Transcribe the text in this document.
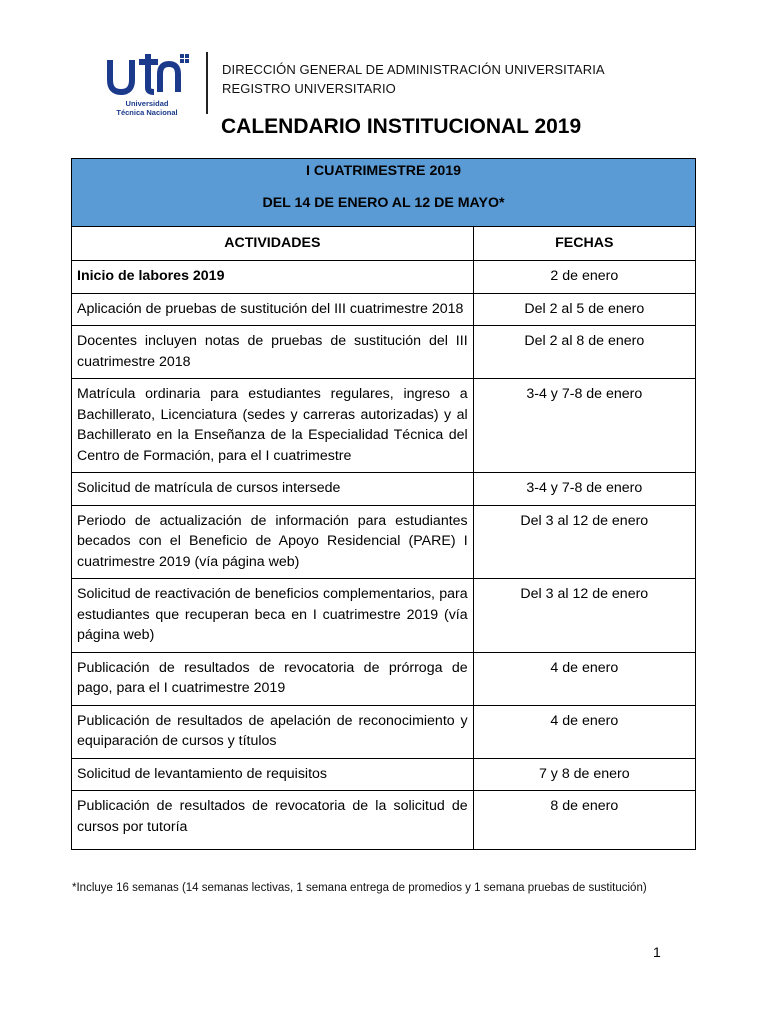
Universidad
Técnica Nacional
DIRECCIÓN GENERAL DE ADMINISTRACIÓN UNIVERSITARIA
REGISTRO UNIVERSITARIO
CALENDARIO INSTITUCIONAL 2019
I CUATRIMESTRE 2019
DEL 14 DE ENERO AL 12 DE MAYO*	

ACTIVIDADES	FECHAS
Inicio de labores 2019	2 de enero
Aplicación de pruebas de sustitución del III cuatrimestre 2018	Del 2 al 5 de enero
Docentes incluyen notas de pruebas de sustitución del III cuatrimestre 2018	Del 2 al 8 de enero
Matrícula ordinaria para estudiantes regulares, ingreso a Bachillerato, Licenciatura (sedes y carreras autorizadas) y al Bachillerato en la Enseñanza de la Especialidad Técnica del Centro de Formación, para el I cuatrimestre	3-4 y 7-8 de enero
Solicitud de matrícula de cursos intersede	3-4 y 7-8 de enero
Periodo de actualización de información para estudiantes becados con el Beneficio de Apoyo Residencial (PARE) I cuatrimestre 2019 (vía página web)	Del 3 al 12 de enero
Solicitud de reactivación de beneficios complementarios, para estudiantes que recuperan beca en I cuatrimestre 2019 (vía página web)	Del 3 al 12 de enero
Publicación de resultados de revocatoria de prórroga de pago, para el I cuatrimestre 2019	4 de enero
Publicación de resultados de apelación de reconocimiento y equiparación de cursos y títulos	4 de enero
Solicitud de levantamiento de requisitos	7 y 8 de enero
Publicación de resultados de revocatoria de la solicitud de cursos por tutoría	8 de enero
*Incluye 16 semanas (14 semanas lectivas, 1 semana entrega de promedios y 1 semana pruebas de sustitución)
1
